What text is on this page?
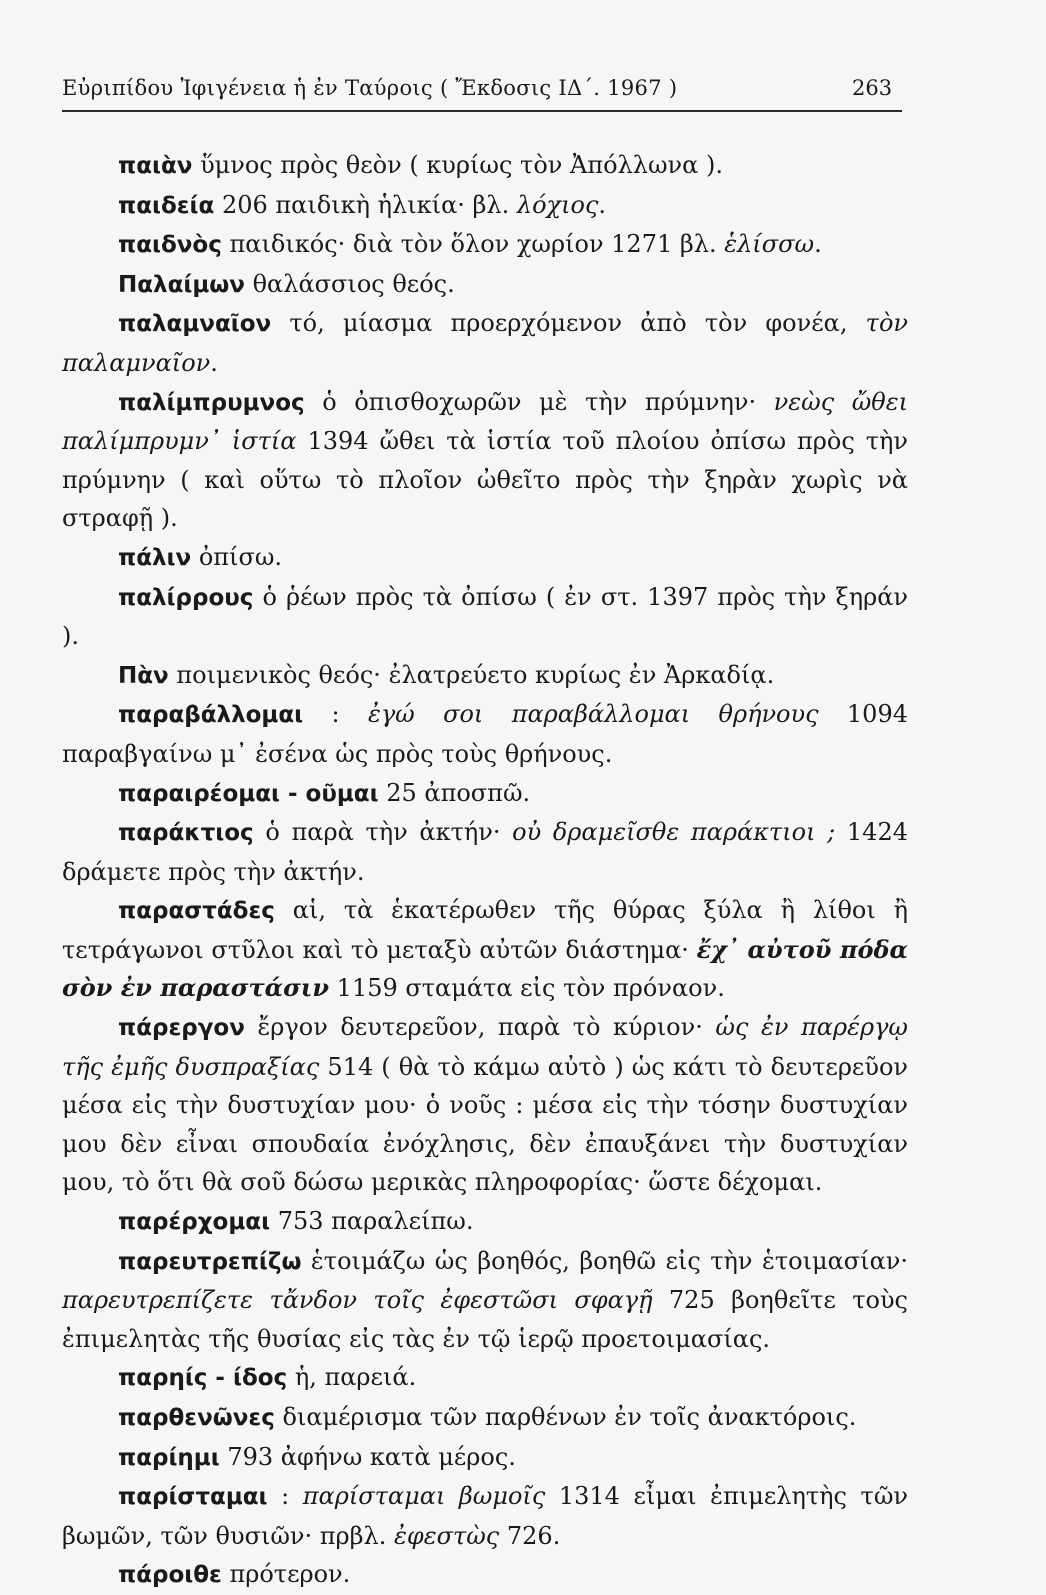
Εὐριπίδου Ἰφιγένεια ἡ ἐν Ταύροις ( Ἔκδοσις ΙΔ΄. 1967 )	263

παιὰν ὕμνος πρὸς θεὸν ( κυρίως τὸν Ἀπόλλωνα ).

παιδεία 206 παιδικὴ ἡλικία· βλ. λόχιος.

παιδνὸς παιδικός· διὰ τὸν ὅλον χωρίον 1271 βλ. ἑλίσσω.

Παλαίμων θαλάσσιος θεός.

παλαμναῖον τό, μίασμα προερχόμενον ἀπὸ τὸν φονέα, τὸν παλαμναῖον.

παλίμπρυμνος ὁ ὀπισθοχωρῶν μὲ τὴν πρύμνην· νεὼς ὤθει παλίμπρυμν᾿ ἱστία 1394 ὤθει τὰ ἱστία τοῦ πλοίου ὀπίσω πρὸς τὴν πρύμνην ( καὶ οὕτω τὸ πλοῖον ὠθεῖτο πρὸς τὴν ξηρὰν χωρὶς νὰ στραφῇ ).

πάλιν ὀπίσω.

παλίρρους ὁ ῥέων πρὸς τὰ ὀπίσω ( ἐν στ. 1397 πρὸς τὴν ξηράν ).

Πὰν ποιμενικὸς θεός· ἐλατρεύετο κυρίως ἐν Ἀρκαδίᾳ.

παραβάλλομαι : ἐγώ σοι παραβάλλομαι θρήνους 1094 παραβγαίνω μ᾿ ἐσένα ὡς πρὸς τοὺς θρήνους.

παραιρέομαι - οῦμαι 25 ἀποσπῶ.

παράκτιος ὁ παρὰ τὴν ἀκτήν· οὐ δραμεῖσθε παράκτιοι ; 1424 δράμετε πρὸς τὴν ἀκτήν.

παραστάδες αἱ, τὰ ἑκατέρωθεν τῆς θύρας ξύλα ἢ λίθοι ἢ τετράγωνοι στῦλοι καὶ τὸ μεταξὺ αὐτῶν διάστημα· ἔχ᾿ αὐτοῦ πόδα σὸν ἐν παραστάσιν 1159 σταμάτα εἰς τὸν πρόναον.

πάρεργον ἔργον δευτερεῦον, παρὰ τὸ κύριον· ὡς ἐν παρέργῳ τῆς ἐμῆς δυσπραξίας 514 ( θὰ τὸ κάμω αὐτὸ ) ὡς κάτι τὸ δευτερεῦον μέσα εἰς τὴν δυστυχίαν μου· ὁ νοῦς : μέσα εἰς τὴν τόσην δυστυχίαν μου δὲν εἶναι σπουδαία ἐνόχλησις, δὲν ἐπαυξάνει τὴν δυστυχίαν μου, τὸ ὅτι θὰ σοῦ δώσω μερικὰς πληροφορίας· ὥστε δέχομαι.

παρέρχομαι 753 παραλείπω.

παρευτρεπίζω ἑτοιμάζω ὡς βοηθός, βοηθῶ εἰς τὴν ἑτοιμασίαν· παρευτρεπίζετε τἄνδον τοῖς ἐφεστῶσι σφαγῇ 725 βοηθεῖτε τοὺς ἐπιμελητὰς τῆς θυσίας εἰς τὰς ἐν τῷ ἱερῷ προετοιμασίας.

παρηίς - ίδος ἡ, παρειά.

παρθενῶνες διαμέρισμα τῶν παρθένων ἐν τοῖς ἀνακτόροις.

παρίημι 793 ἀφήνω κατὰ μέρος.

παρίσταμαι : παρίσταμαι βωμοῖς 1314 εἶμαι ἐπιμελητὴς τῶν βωμῶν, τῶν θυσιῶν· πρβλ. ἐφεστὼς 726.

πάροιθε πρότερον.
